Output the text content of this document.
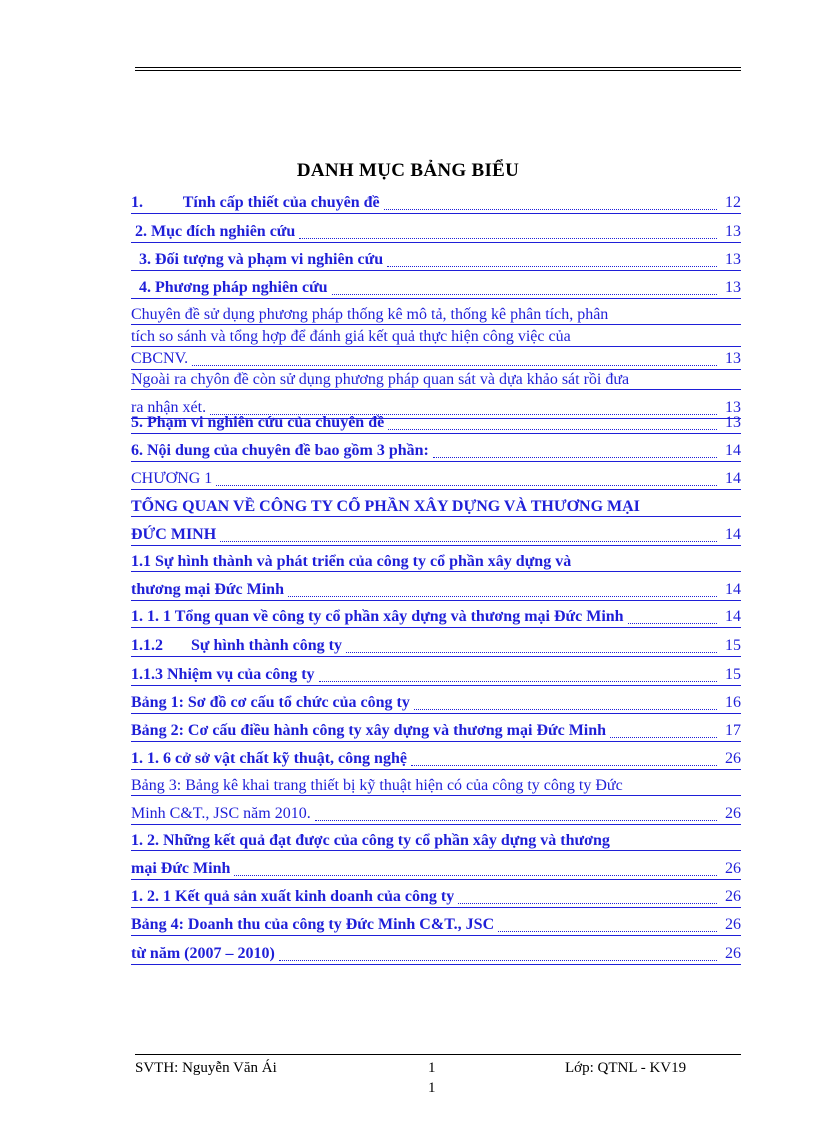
DANH MỤC BẢNG BIỂU
1.          Tính cấp thiết của chuyên đề	12
2. Mục đích nghiên cứu	13
3. Đối tượng và phạm vi nghiên cứu	13
4. Phương pháp nghiên cứu	13
Chuyên đề sử dụng phương pháp thống kê mô tả, thống kê phân tích, phân
tích so sánh và tổng hợp để đánh giá kết quả thực hiện công việc của
CBCNV.	13
Ngoài ra chyôn đề còn sử dụng phương pháp quan sát và dựa khảo sát rồi đưa
ra nhận xét.	13
5. Phạm vi nghiên cứu của chuyên đề	13
6. Nội dung của chuyên đề bao gồm 3 phần:	14
CHƯƠNG 1	14
TỔNG QUAN VỀ CÔNG TY CỔ PHẦN XÂY DỰNG VÀ THƯƠNG MẠI
ĐỨC MINH	14
1.1 Sự hình thành và phát triển của công ty cổ phần xây dựng và
thương mại Đức Minh	14
1. 1. 1 Tổng quan về công ty cổ phần xây dựng và thương mại Đức Minh	14
1.1.2       Sự hình thành công ty	15
1.1.3 Nhiệm vụ của công ty	15
Bảng 1: Sơ đồ cơ cấu tổ chức của công ty	16
Bảng 2: Cơ cấu điều hành công ty xây dựng và thương mại Đức Minh	17
1. 1. 6 cở sở vật chất kỹ thuật, công nghệ	26
Bảng 3: Bảng kê khai trang thiết bị kỹ thuật hiện có của công ty công ty Đức
Minh C&T., JSC năm 2010.	26
1. 2. Những kết quả đạt được của công ty cổ phần xây dựng và thương
mại Đức Minh	26
1. 2. 1 Kết quả sản xuất kinh doanh của công ty	26
Bảng 4: Doanh thu của công ty Đức Minh C&T., JSC	26
từ năm (2007 – 2010)	26
SVTH: Nguyễn Văn Ái	1
1
Lớp: QTNL - KV19
